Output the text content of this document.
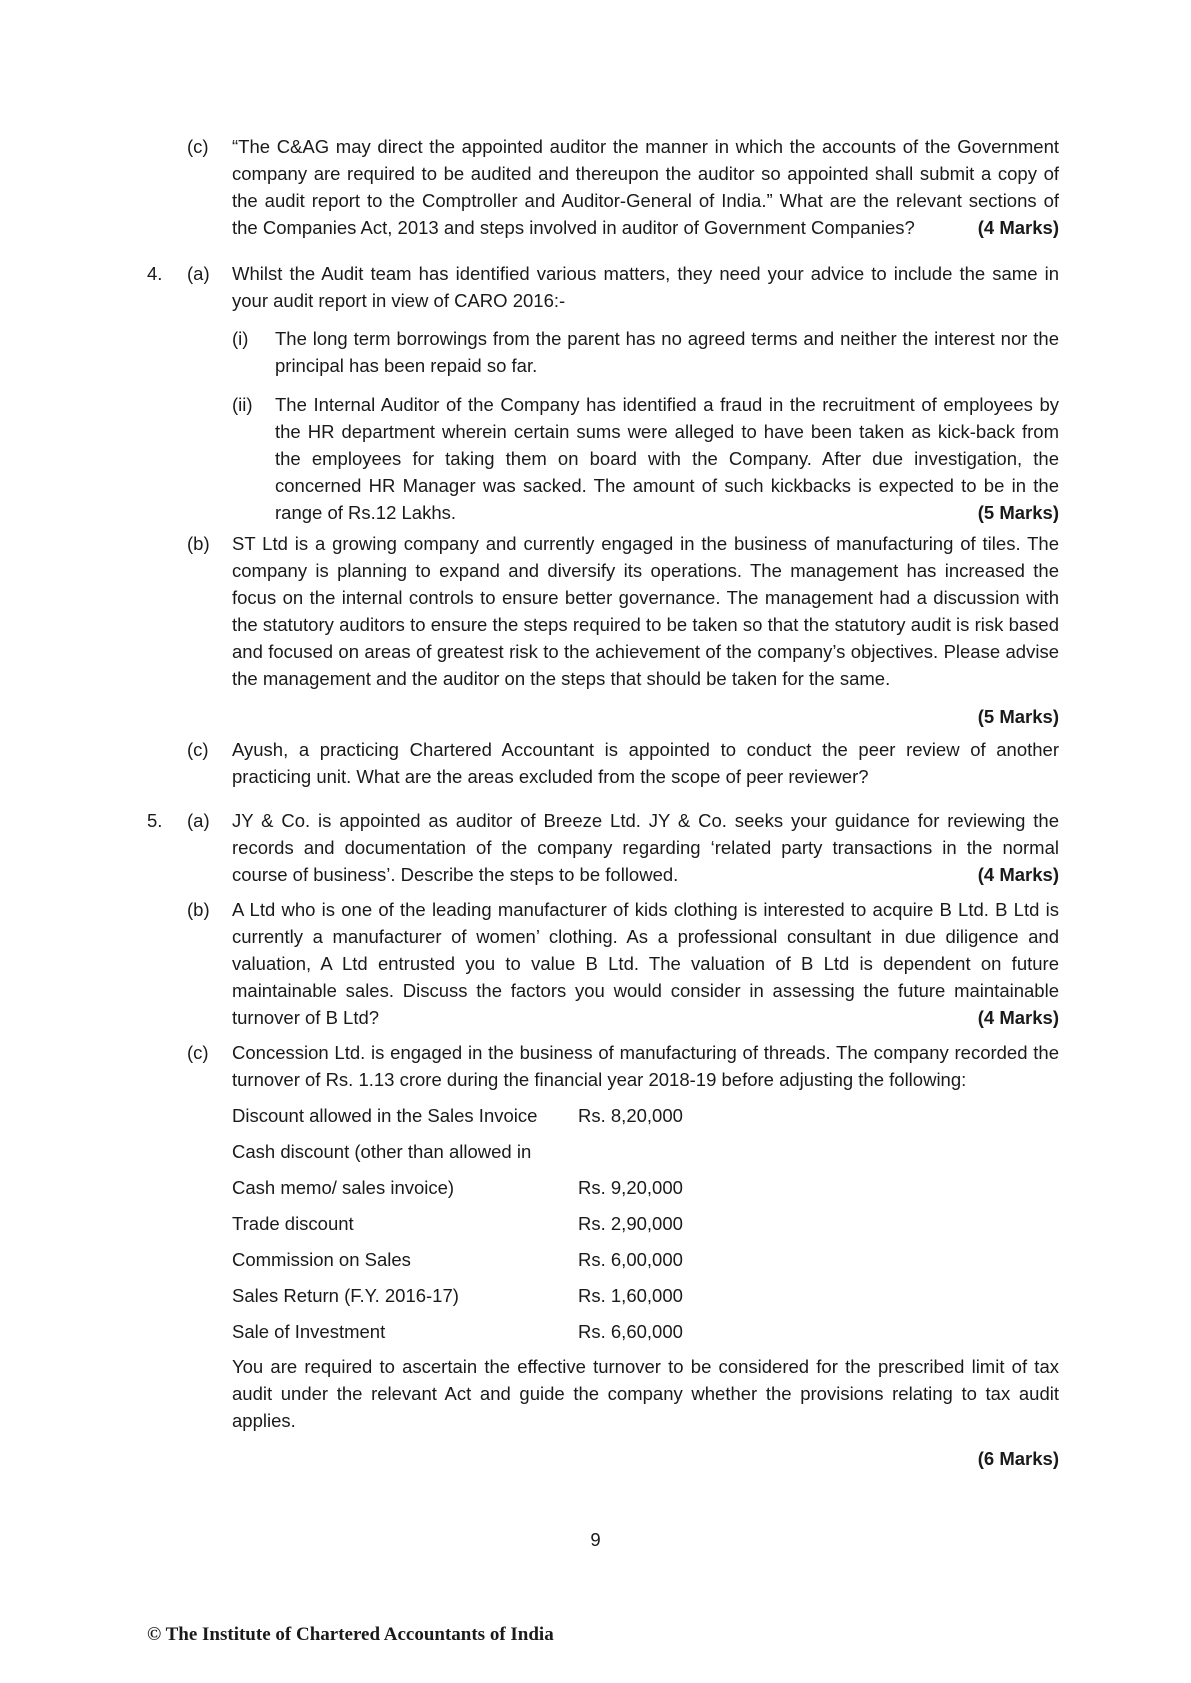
(c)	“The C&AG may direct the appointed auditor the manner in which the accounts of the Government company are required to be audited and thereupon the auditor so appointed shall submit a copy of the audit report to the Comptroller and Auditor-General of India.” What are the relevant sections of the Companies Act, 2013 and steps involved in auditor of Government Companies?	(4 Marks)
4.	(a)	Whilst the Audit team has identified various matters, they need your advice to include the same in your audit report in view of CARO 2016:-
(i)	The long term borrowings from the parent has no agreed terms and neither the interest nor the principal has been repaid so far.
(ii)	The Internal Auditor of the Company has identified a fraud in the recruitment of employees by the HR department wherein certain sums were alleged to have been taken as kick-back from the employees for taking them on board with the Company. After due investigation, the concerned HR Manager was sacked. The amount of such kickbacks is expected to be in the range of Rs.12 Lakhs.	(5 Marks)
(b)	ST Ltd is a growing company and currently engaged in the business of manufacturing of tiles. The company is planning to expand and diversify its operations. The management has increased the focus on the internal controls to ensure better governance. The management had a discussion with the statutory auditors to ensure the steps required to be taken so that the statutory audit is risk based and focused on areas of greatest risk to the achievement of the company’s objectives. Please advise the management and the auditor on the steps that should be taken for the same.
(5 Marks)
(c)	Ayush, a practicing Chartered Accountant is appointed to conduct the peer review of another practicing unit. What are the areas excluded from the scope of peer reviewer?
5.	(a)	JY & Co. is appointed as auditor of Breeze Ltd. JY & Co. seeks your guidance for reviewing the records and documentation of the company regarding ‘related party transactions in the normal course of business’. Describe the steps to be followed.	(4 Marks)
(b)	A Ltd who is one of the leading manufacturer of kids clothing is interested to acquire B Ltd. B Ltd is currently a manufacturer of women’ clothing. As a professional consultant in due diligence and valuation, A Ltd entrusted you to value B Ltd. The valuation of B Ltd is dependent on future maintainable sales. Discuss the factors you would consider in assessing the future maintainable turnover of B Ltd?	(4 Marks)
(c)	Concession Ltd. is engaged in the business of manufacturing of threads. The company recorded the turnover of Rs. 1.13 crore during the financial year 2018-19 before adjusting the following:
Discount allowed in the Sales Invoice	Rs. 8,20,000
Cash discount (other than allowed in	
Cash memo/ sales invoice)	Rs. 9,20,000
Trade discount	Rs. 2,90,000
Commission on Sales	Rs. 6,00,000
Sales Return (F.Y. 2016-17)	Rs. 1,60,000
Sale of Investment	Rs. 6,60,000
You are required to ascertain the effective turnover to be considered for the prescribed limit of tax audit under the relevant Act and guide the company whether the provisions relating to tax audit applies.
(6 Marks)
9
© The Institute of Chartered Accountants of India
